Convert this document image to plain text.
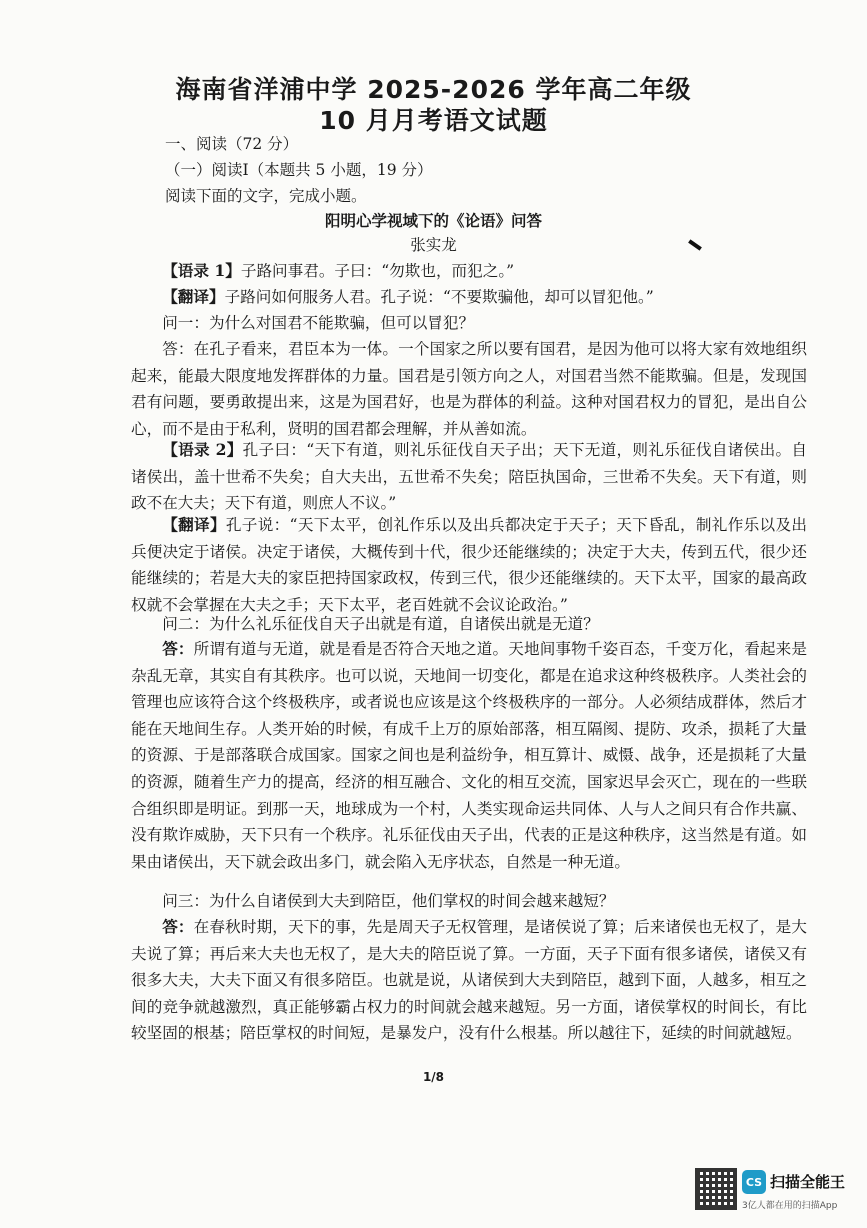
海南省洋浦中学 2025-2026 学年高二年级
10 月月考语文试题
一、阅读（72 分）
（一）阅读Ⅰ（本题共 5 小题，19 分）
阅读下面的文字，完成小题。
阳明心学视域下的《论语》问答
张实龙
【语录 1】子路问事君。子曰：“勿欺也，而犯之。”
【翻译】子路问如何服务人君。孔子说：“不要欺骗他，却可以冒犯他。”
问一：为什么对国君不能欺骗，但可以冒犯？
答：在孔子看来，君臣本为一体。一个国家之所以要有国君，是因为他可以将大家有效地组织起来，能最大限度地发挥群体的力量。国君是引领方向之人，对国君当然不能欺骗。但是，发现国君有问题，要勇敢提出来，这是为国君好，也是为群体的利益。这种对国君权力的冒犯，是出自公心，而不是由于私利，贤明的国君都会理解，并从善如流。
【语录 2】孔子曰：“天下有道，则礼乐征伐自天子出；天下无道，则礼乐征伐自诸侯出。自诸侯出，盖十世希不失矣；自大夫出，五世希不失矣；陪臣执国命，三世希不失矣。天下有道，则政不在大夫；天下有道，则庶人不议。”
【翻译】孔子说：“天下太平，创礼作乐以及出兵都决定于天子；天下昏乱，制礼作乐以及出兵便决定于诸侯。决定于诸侯，大概传到十代，很少还能继续的；决定于大夫，传到五代，很少还能继续的；若是大夫的家臣把持国家政权，传到三代，很少还能继续的。天下太平，国家的最高政权就不会掌握在大夫之手；天下太平，老百姓就不会议论政治。”
问二：为什么礼乐征伐自天子出就是有道，自诸侯出就是无道？
答：所谓有道与无道，就是看是否符合天地之道。天地间事物千姿百态，千变万化，看起来是杂乱无章，其实自有其秩序。也可以说，天地间一切变化，都是在追求这种终极秩序。人类社会的管理也应该符合这个终极秩序，或者说也应该是这个终极秩序的一部分。人必须结成群体，然后才能在天地间生存。人类开始的时候，有成千上万的原始部落，相互隔阂、提防、攻杀，损耗了大量的资源、于是部落联合成国家。国家之间也是利益纷争，相互算计、威慑、战争，还是损耗了大量的资源，随着生产力的提高，经济的相互融合、文化的相互交流，国家迟早会灭亡，现在的一些联合组织即是明证。到那一天，地球成为一个村，人类实现命运共同体、人与人之间只有合作共赢、没有欺诈威胁，天下只有一个秩序。礼乐征伐由天子出，代表的正是这种秩序，这当然是有道。如果由诸侯出，天下就会政出多门，就会陷入无序状态，自然是一种无道。
问三：为什么自诸侯到大夫到陪臣，他们掌权的时间会越来越短？
答：在春秋时期，天下的事，先是周天子无权管理，是诸侯说了算；后来诸侯也无权了，是大夫说了算；再后来大夫也无权了，是大夫的陪臣说了算。一方面，天子下面有很多诸侯，诸侯又有很多大夫，大夫下面又有很多陪臣。也就是说，从诸侯到大夫到陪臣，越到下面，人越多，相互之间的竞争就越激烈，真正能够霸占权力的时间就会越来越短。另一方面，诸侯掌权的时间长，有比较坚固的根基；陪臣掌权的时间短，是暴发户，没有什么根基。所以越往下，延续的时间就越短。
1/8
CS 扫描全能王
3亿人都在用的扫描App
